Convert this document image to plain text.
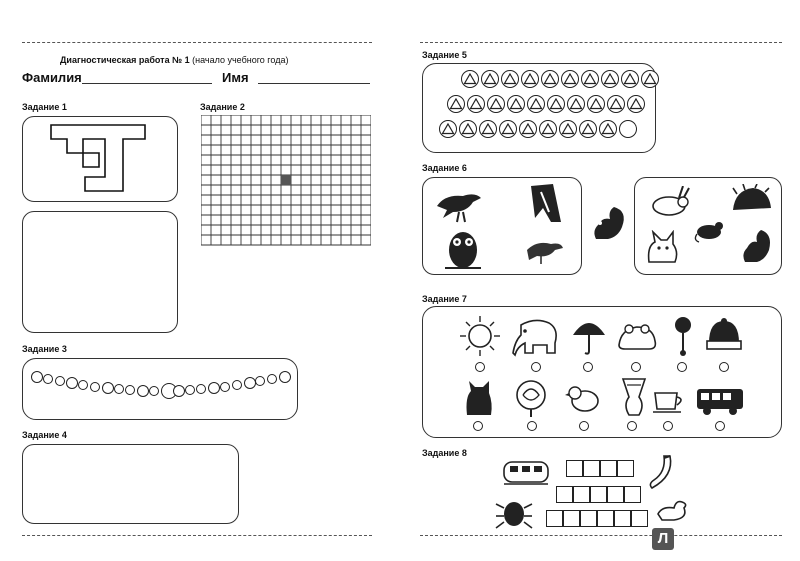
Диагностическая работа № 1 (начало учебного года)
Фамилия	Имя
Задание 1	Задание 2
Задание 3
Задание 4
Задание 5
Задание 6
Задание 7
Задание 8
Л
